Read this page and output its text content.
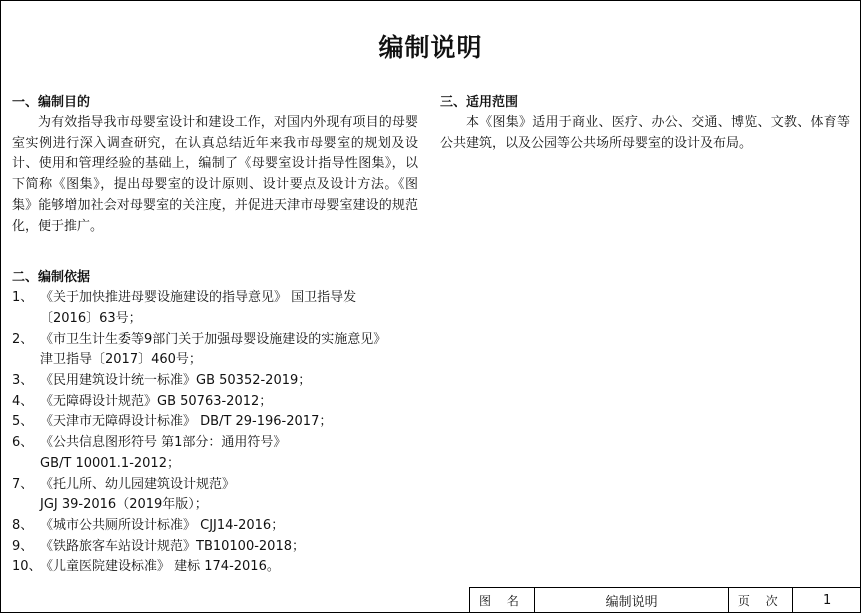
编制说明
一、编制目的

为有效指导我市母婴室设计和建设工作，对国内外现有项目的母婴室实例进行深入调查研究，在认真总结近年来我市母婴室的规划及设计、使用和管理经验的基础上，编制了《母婴室设计指导性图集》，以下简称《图集》，提出母婴室的设计原则、设计要点及设计方法。《图集》能够增加社会对母婴室的关注度，并促进天津市母婴室建设的规范化，便于推广。

二、编制依据
1、 《关于加快推进母婴设施建设的指导意见》 国卫指导发
〔2016〕63号；
2、 《市卫生计生委等9部门关于加强母婴设施建设的实施意见》
津卫指导〔2017〕460号；
3、 《民用建筑设计统一标准》GB 50352-2019；
4、 《无障碍设计规范》GB 50763-2012；
5、 《天津市无障碍设计标准》 DB/T 29-196-2017；
6、 《公共信息图形符号 第1部分：通用符号》
GB/T 10001.1-2012；
7、 《托儿所、幼儿园建筑设计规范》
JGJ 39-2016（2019年版）；
8、 《城市公共厕所设计标准》 CJJ14-2016；
9、 《铁路旅客车站设计规范》TB10100-2018；
10、
《儿童医院建设标准》 建标 174-2016。
三、适用范围

本《图集》适用于商业、医疗、办公、交通、博览、文教、体育等公共建筑，以及公园等公共场所母婴室的设计及布局。

图 名	编制说明	页 次	1
